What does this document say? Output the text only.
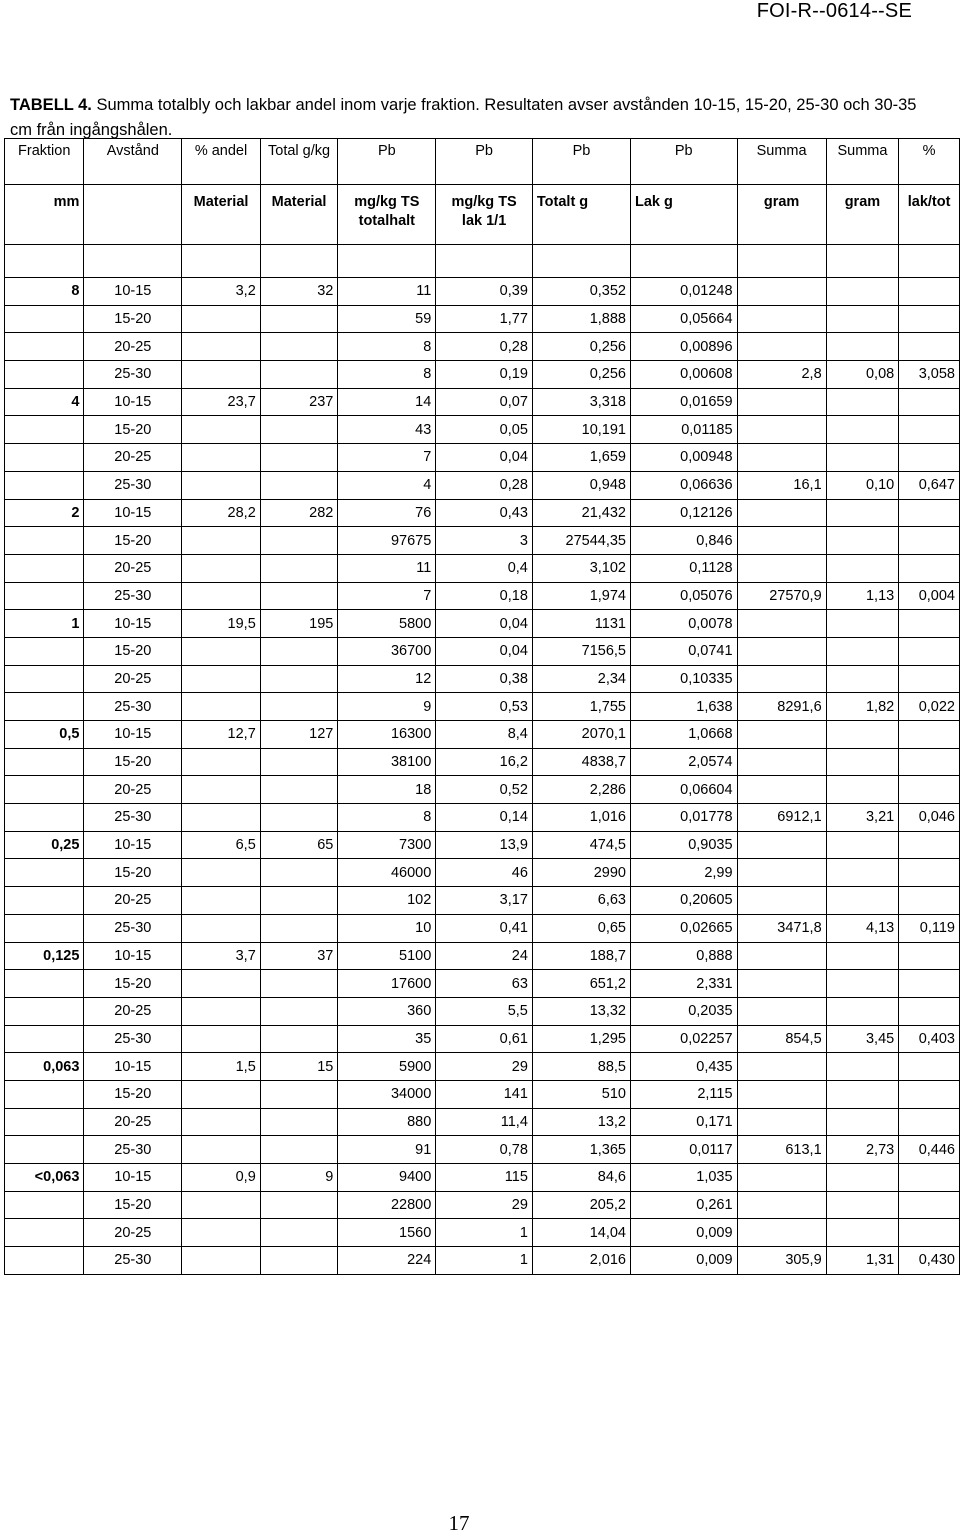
FOI-R--0614--SE
TABELL 4. Summa totalbly och lakbar andel inom varje fraktion. Resultaten avser avstånden 10-15, 15-20, 25-30 och 30-35 cm från ingångshålen.
Fraktion	Avstånd	% andel	Total g/kg	Pb	Pb	Pb	Pb	Summa	Summa	%
mm		Material	Material	mg/kg TS totalhalt	mg/kg TS lak 1/1	Totalt g	Lak g	gram	gram	lak/tot

8	10-15	3,2	32	11	0,39	0,352	0,01248			
	15-20			59	1,77	1,888	0,05664			
	20-25			8	0,28	0,256	0,00896			
	25-30			8	0,19	0,256	0,00608	2,8	0,08	3,058
4	10-15	23,7	237	14	0,07	3,318	0,01659			
	15-20			43	0,05	10,191	0,01185			
	20-25			7	0,04	1,659	0,00948			
	25-30			4	0,28	0,948	0,06636	16,1	0,10	0,647
2	10-15	28,2	282	76	0,43	21,432	0,12126			
	15-20			97675	3	27544,35	0,846			
	20-25			11	0,4	3,102	0,1128			
	25-30			7	0,18	1,974	0,05076	27570,9	1,13	0,004
1	10-15	19,5	195	5800	0,04	1131	0,0078			
	15-20			36700	0,04	7156,5	0,0741			
	20-25			12	0,38	2,34	0,10335			
	25-30			9	0,53	1,755	1,638	8291,6	1,82	0,022
0,5	10-15	12,7	127	16300	8,4	2070,1	1,0668			
	15-20			38100	16,2	4838,7	2,0574			
	20-25			18	0,52	2,286	0,06604			
	25-30			8	0,14	1,016	0,01778	6912,1	3,21	0,046
0,25	10-15	6,5	65	7300	13,9	474,5	0,9035			
	15-20			46000	46	2990	2,99			
	20-25			102	3,17	6,63	0,20605			
	25-30			10	0,41	0,65	0,02665	3471,8	4,13	0,119
0,125	10-15	3,7	37	5100	24	188,7	0,888			
	15-20			17600	63	651,2	2,331			
	20-25			360	5,5	13,32	0,2035			
	25-30			35	0,61	1,295	0,02257	854,5	3,45	0,403
0,063	10-15	1,5	15	5900	29	88,5	0,435			
	15-20			34000	141	510	2,115			
	20-25			880	11,4	13,2	0,171			
	25-30			91	0,78	1,365	0,0117	613,1	2,73	0,446
<0,063	10-15	0,9	9	9400	115	84,6	1,035			
	15-20			22800	29	205,2	0,261			
	20-25			1560	1	14,04	0,009			
	25-30			224	1	2,016	0,009	305,9	1,31	0,430
17
